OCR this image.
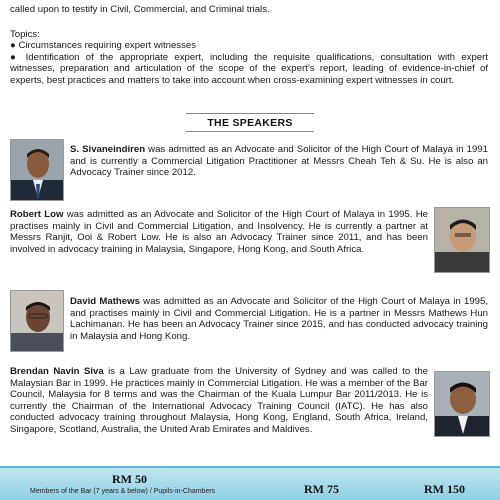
called upon to testify in Civil, Commercial, and Criminal trials.

Topics:

● Circumstances requiring expert witnesses

● Identification of the appropriate expert, including the requisite qualifications, consultation with expert witnesses, preparation and articulation of the scope of the expert’s report, leading of evidence-in-chief of experts, best practices and matters to take into account when cross-examining expert witnesses in court.

THE SPEAKERS
S. Sivaneindiren was admitted as an Advocate and Solicitor of the High Court of Malaya in 1991 and is currently a Commercial Litigation Practitioner at Messrs Cheah Teh & Su. He is also an Advocacy Trainer since 2012.
Robert Low was admitted as an Advocate and Solicitor of the High Court of Malaya in 1995. He practises mainly in Civil and Commercial Litigation, and Insolvency. He is currently a partner at Messrs Ranjit, Ooi & Robert Low. He is also an Advocacy Trainer since 2011, and has been involved in advocacy training in Malaysia, Singapore, Hong Kong, and South Africa.
David Mathews was admitted as an Advocate and Solicitor of the High Court of Malaya in 1995, and practises mainly in Civil and Commercial Litigation. He is a partner in Messrs Mathews Hun Lachimanan. He has been an Advocacy Trainer since 2015, and has conducted advocacy training in Malaysia and Hong Kong.
Brendan Navin Siva is a Law graduate from the University of Sydney and was called to the Malaysian Bar in 1999. He practices mainly in Commercial Litigation. He was a member of the Bar Council, Malaysia for 8 terms and was the Chairman of the Kuala Lumpur Bar 2011/2013. He is currently the Chairman of the International Advocacy Training Council (IATC). He has also conducted advocacy training throughout Malaysia, Hong Kong, England, South Africa, Ireland, Singapore, Scotland, Australia, the United Arab Emirates and Maldives.
RM 50
Members of the Bar (7 years & below) / Pupils-in-Chambers	RM 75	RM 150
